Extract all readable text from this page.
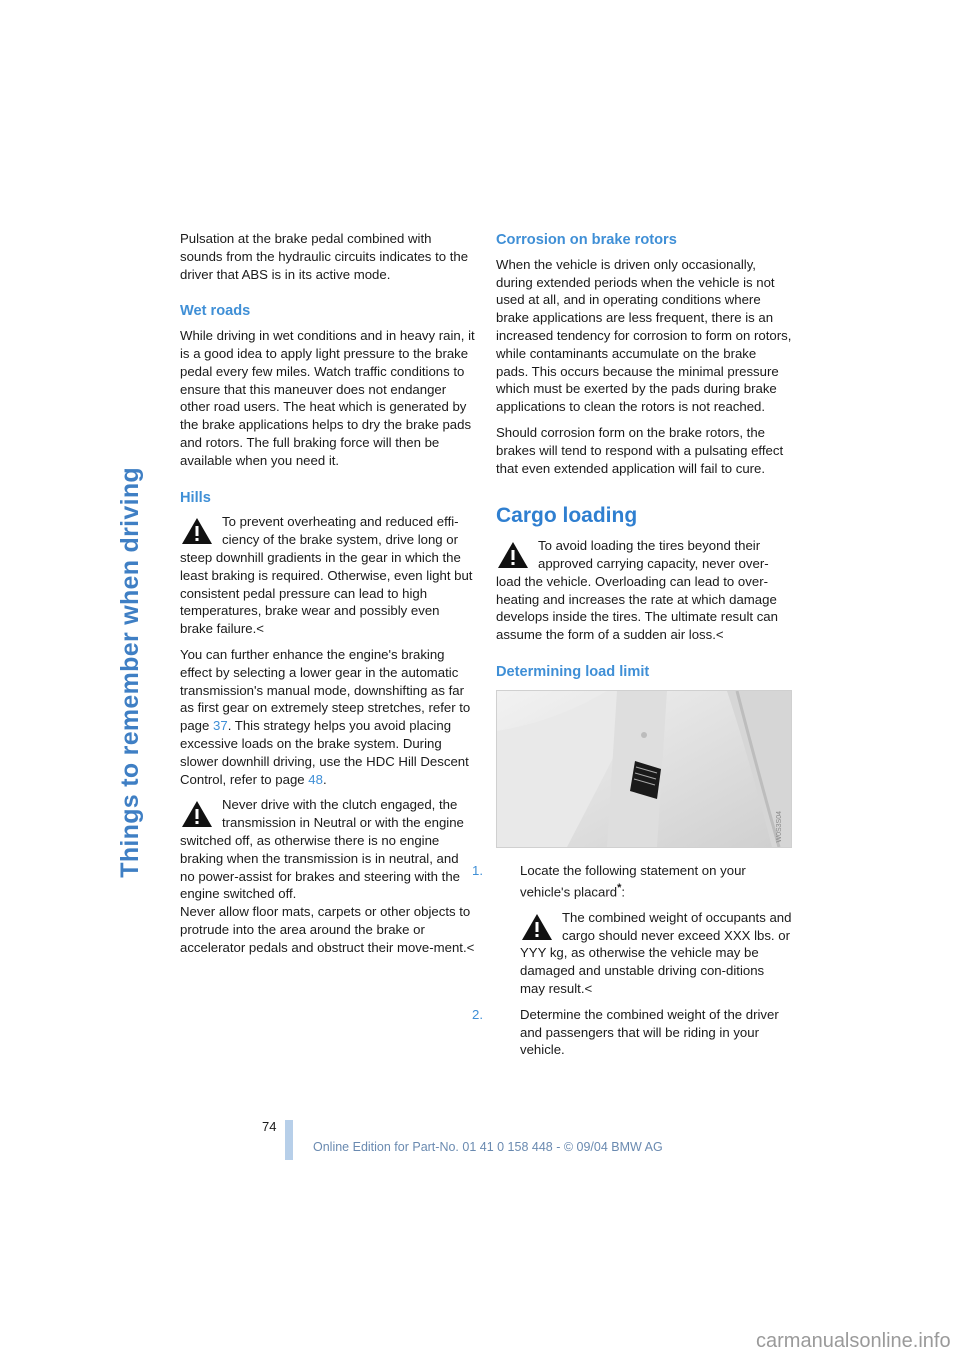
Things to remember when driving

Pulsation at the brake pedal combined with sounds from the hydraulic circuits indicates to the driver that ABS is in its active mode.

Wet roads

While driving in wet conditions and in heavy rain, it is a good idea to apply light pressure to the brake pedal every few miles. Watch traffic conditions to ensure that this maneuver does not endanger other road users. The heat which is generated by the brake applications helps to dry the brake pads and rotors. The full braking force will then be available when you need it.

Hills
To prevent overheating and reduced effi-ciency of the brake system, drive long or steep downhill gradients in the gear in which the least braking is required. Otherwise, even light but consistent pedal pressure can lead to high temperatures, brake wear and possibly even brake failure.<

You can further enhance the engine's braking effect by selecting a lower gear in the automatic transmission's manual mode, downshifting as far as first gear on extremely steep stretches, refer to page 37. This strategy helps you avoid placing excessive loads on the brake system. During slower downhill driving, use the HDC Hill Descent Control, refer to page 48.

Never drive with the clutch engaged, the transmission in Neutral or with the engine switched off, as otherwise there is no engine braking when the transmission is in neutral, and no power-assist for brakes and steering with the engine switched off.
Never allow floor mats, carpets or other objects to protrude into the area around the brake or accelerator pedals and obstruct their move-ment.<
Corrosion on brake rotors

When the vehicle is driven only occasionally, during extended periods when the vehicle is not used at all, and in operating conditions where brake applications are less frequent, there is an increased tendency for corrosion to form on rotors, while contaminants accumulate on the brake pads. This occurs because the minimal pressure which must be exerted by the pads during brake applications to clean the rotors is not reached.

Should corrosion form on the brake rotors, the brakes will tend to respond with a pulsating effect that even extended application will fail to cure.

Cargo loading
To avoid loading the tires beyond their approved carrying capacity, never over-load the vehicle. Overloading can lead to over-heating and increases the rate at which damage develops inside the tires. The ultimate result can assume the form of a sudden air loss.<
Determining load limit
W0S3S04
1.	Locate the following statement on your vehicle's placard*:
The combined weight of occupants and cargo should never exceed XXX lbs. or YYY kg, as otherwise the vehicle may be damaged and unstable driving con-ditions may result.<
2.	Determine the combined weight of the driver and passengers that will be riding in your vehicle.
74
Online Edition for Part-No. 01 41 0 158 448 - © 09/04 BMW AG
carmanualsonline.info
